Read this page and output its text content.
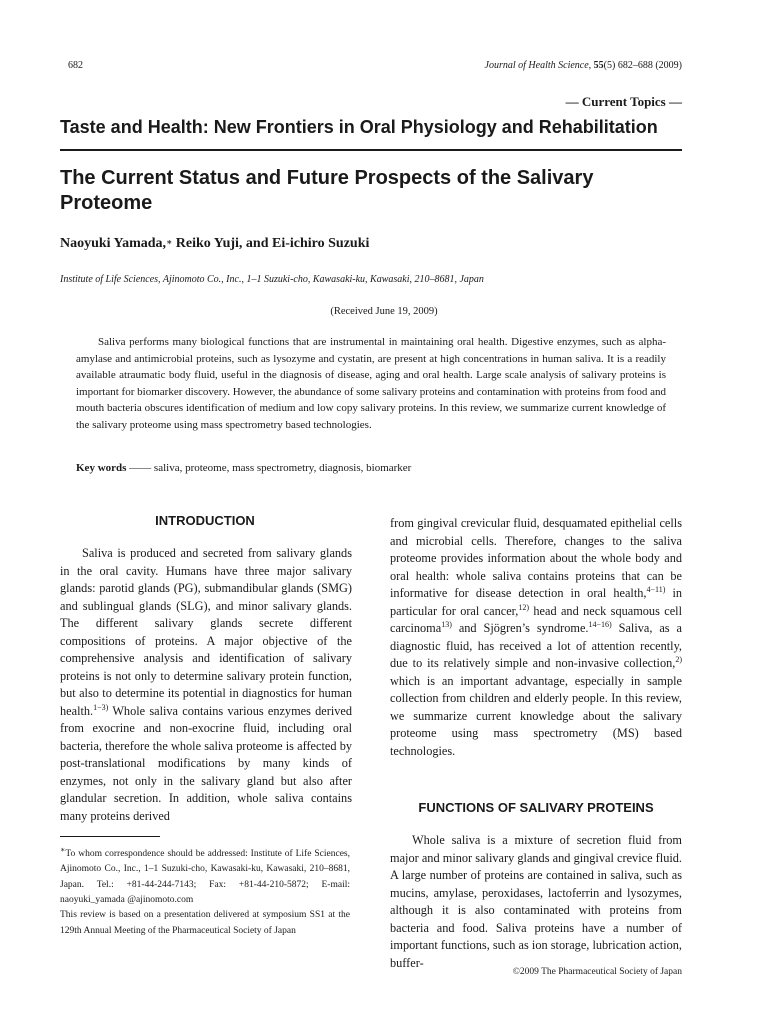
682	Journal of Health Science, 55(5) 682–688 (2009)
— Current Topics —
Taste and Health: New Frontiers in Oral Physiology and Rehabilitation
The Current Status and Future Prospects of the Salivary Proteome
Naoyuki Yamada,∗ Reiko Yuji, and Ei-ichiro Suzuki
Institute of Life Sciences, Ajinomoto Co., Inc., 1–1 Suzuki-cho, Kawasaki-ku, Kawasaki, 210–8681, Japan
(Received June 19, 2009)
Saliva performs many biological functions that are instrumental in maintaining oral health. Digestive enzymes, such as alpha-amylase and antimicrobial proteins, such as lysozyme and cystatin, are present at high concentrations in human saliva. It is a readily available atraumatic body fluid, useful in the diagnosis of disease, aging and oral health. Large scale analysis of salivary proteins is important for biomarker discovery. However, the abundance of some salivary proteins and contamination with proteins from food and mouth bacteria obscures identification of medium and low copy salivary proteins. In this review, we summarize current knowledge of the salivary proteome using mass spectrometry based technologies.
Key words —— saliva, proteome, mass spectrometry, diagnosis, biomarker
INTRODUCTION

Saliva is produced and secreted from salivary glands in the oral cavity. Humans have three major salivary glands: parotid glands (PG), submandibular glands (SMG) and sublingual glands (SLG), and minor salivary glands. The different salivary glands secrete different compositions of proteins. A major objective of the comprehensive analysis and identification of salivary proteins is not only to determine salivary protein function, but also to determine its potential in diagnostics for human health.$^{1-3)}$ Whole saliva contains various enzymes derived from exocrine and non-exocrine fluid, including oral bacteria, therefore the whole saliva proteome is affected by post-translational modifications by many kinds of enzymes, not only in the salivary gland but also after glandular secretion. In addition, whole saliva contains many proteins derived

∗To whom correspondence should be addressed: Institute of Life Sciences, Ajinomoto Co., Inc., 1–1 Suzuki-cho, Kawasaki-ku, Kawasaki, 210–8681, Japan. Tel.: +81-44-244-7143; Fax: +81-44-210-5872; E-mail: naoyuki_yamada @ajinomoto.com

This review is based on a presentation delivered at symposium SS1 at the 129th Annual Meeting of the Pharmaceutical Society of Japan

from gingival crevicular fluid, desquamated epithelial cells and microbial cells. Therefore, changes to the saliva proteome provides information about the whole body and oral health: whole saliva contains proteins that can be informative for disease detection in oral health,$^{4-11)}$ in particular for oral cancer,$^{12)}$ head and neck squamous cell carcinoma$^{13)}$ and Sjögren’s syndrome.$^{14-16)}$ Saliva, as a diagnostic fluid, has received a lot of attention recently, due to its relatively simple and non-invasive collection,$^{2)}$ which is an important advantage, especially in sample collection from children and elderly people. In this review, we summarize current knowledge about the salivary proteome using mass spectrometry (MS) based technologies.

FUNCTIONS OF SALIVARY PROTEINS

Whole saliva is a mixture of secretion fluid from major and minor salivary glands and gingival crevice fluid. A large number of proteins are contained in saliva, such as mucins, amylase, peroxidases, lactoferrin and lysozymes, although it is also contaminated with proteins from bacteria and food. Saliva proteins have a number of important functions, such as ion storage, lubrication action, buffer-

©2009 The Pharmaceutical Society of Japan
